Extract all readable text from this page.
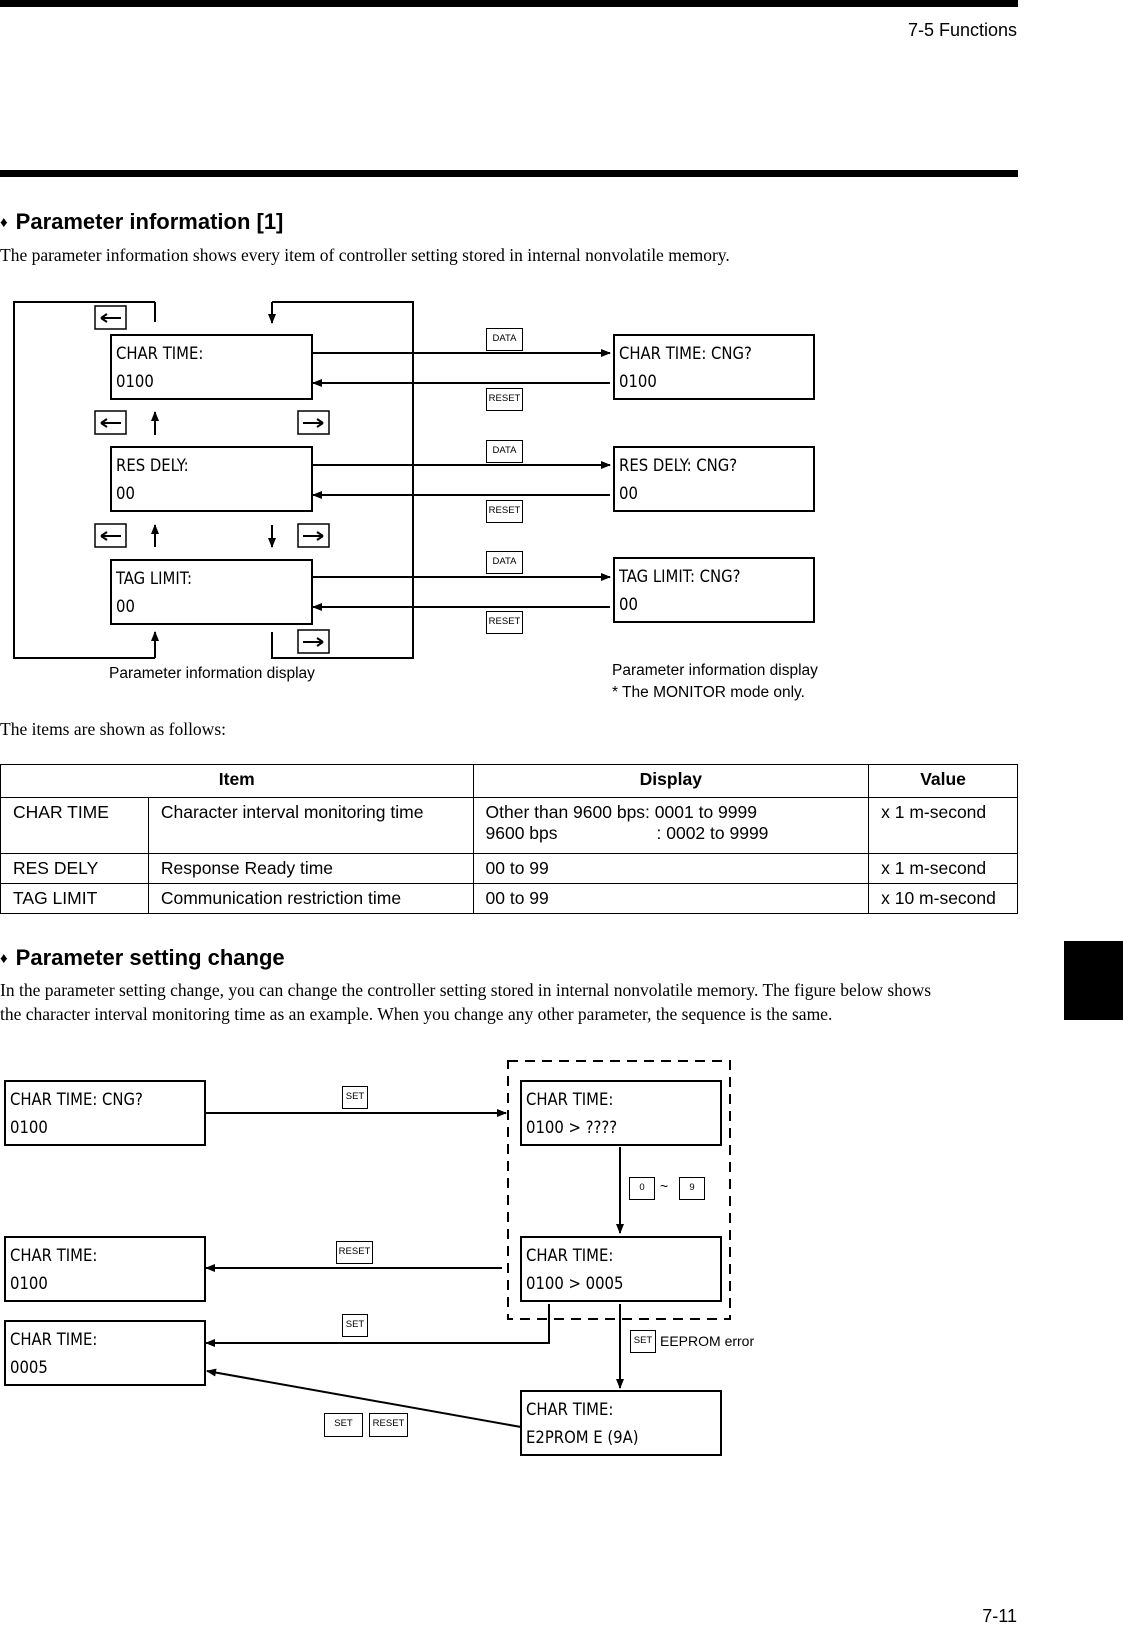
7-5 Functions
7-11
♦ Parameter information [1]
The parameter information shows every item of controller setting stored in internal nonvolatile memory.
CHAR TIME:
0100
RES DELY:
00
TAG LIMIT:
00
CHAR TIME: CNG?
0100
RES DELY: CNG?
00
TAG LIMIT: CNG?
00
DATA
RESET
DATA
RESET
DATA
RESET
Parameter information display	Parameter information display
* The MONITOR mode only.
The items are shown as follows:
Item		Display	Value
CHAR TIME	Character interval monitoring time	Other than 9600 bps: 0001 to 9999
9600 bps : 0002 to 9999	x 1 m-second
RES DELY	Response Ready time	00 to 99	x 1 m-second
TAG LIMIT	Communication restriction time	00 to 99	x 10 m-second
♦ Parameter setting change
In the parameter setting change, you can change the controller setting stored in internal nonvolatile memory. The figure below shows
the character interval monitoring time as an example. When you change any other parameter, the sequence is the same.
CHAR TIME: CNG?
0100
CHAR TIME:
0100 > ????
CHAR TIME:
0100
CHAR TIME:
0100 > 0005
CHAR TIME:
0005
CHAR TIME:
E2PROM E (9A)
SET
0	~	9
RESET
SET
SET EEPROM error
SET	RESET
